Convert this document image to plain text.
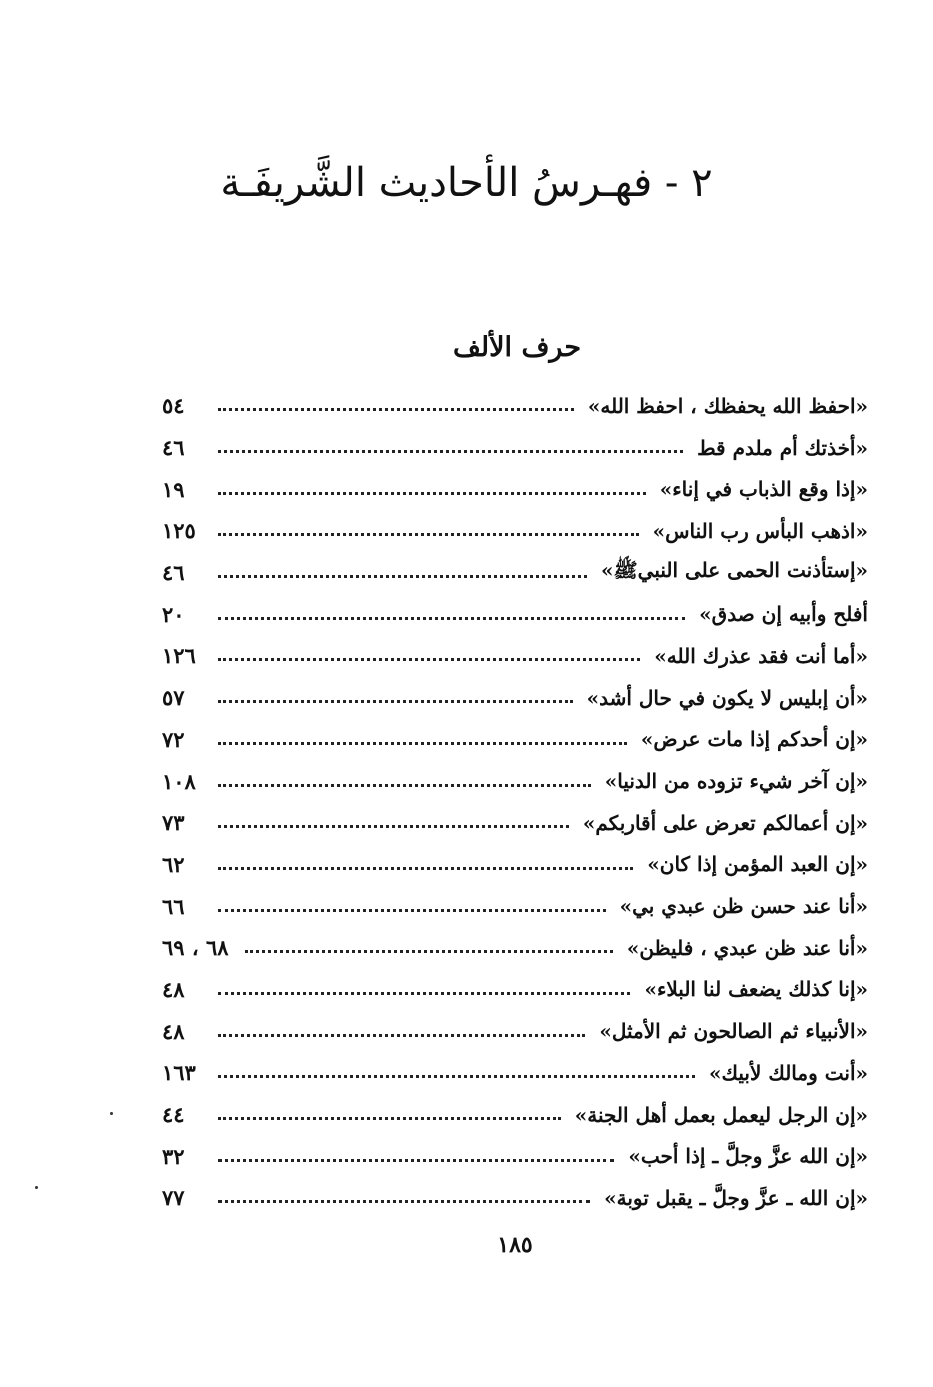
٢ - فهـرسُ الأحاديث الشَّريفَـة
حرف الألف
«احفظ الله يحفظك ، احفظ الله»
٥٤
«أخذتك أم ملدم قط
٤٦
«إذا وقع الذباب في إناء»
١٩
«اذهب البأس رب الناس»
١٢٥
«إستأذنت الحمى على النبيﷺ»
٤٦
أفلح وأبيه إن صدق»
٢٠
«أما أنت فقد عذرك الله»
١٢٦
«أن إبليس لا يكون في حال أشد»
٥٧
«إن أحدكم إذا مات عرض»
٧٢
«إن آخر شيء تزوده من الدنيا»
١٠٨
«إن أعمالكم تعرض على أقاربكم»
٧٣
«إن العبد المؤمن إذا كان»
٦٢
«أنا عند حسن ظن عبدي بي»
٦٦
«أنا عند ظن عبدي ، فليظن»
٦٨ ، ٦٩
«إنا كذلك يضعف لنا البلاء»
٤٨
«الأنبياء ثم الصالحون ثم الأمثل»
٤٨
«أنت ومالك لأبيك»
١٦٣
«إن الرجل ليعمل بعمل أهل الجنة»
٤٤
«إن الله عزَّ وجلَّ ـ إذا أحب»
٣٢
«إن الله ـ عزَّ وجلَّ ـ يقبل توبة»
٧٧
١٨٥
